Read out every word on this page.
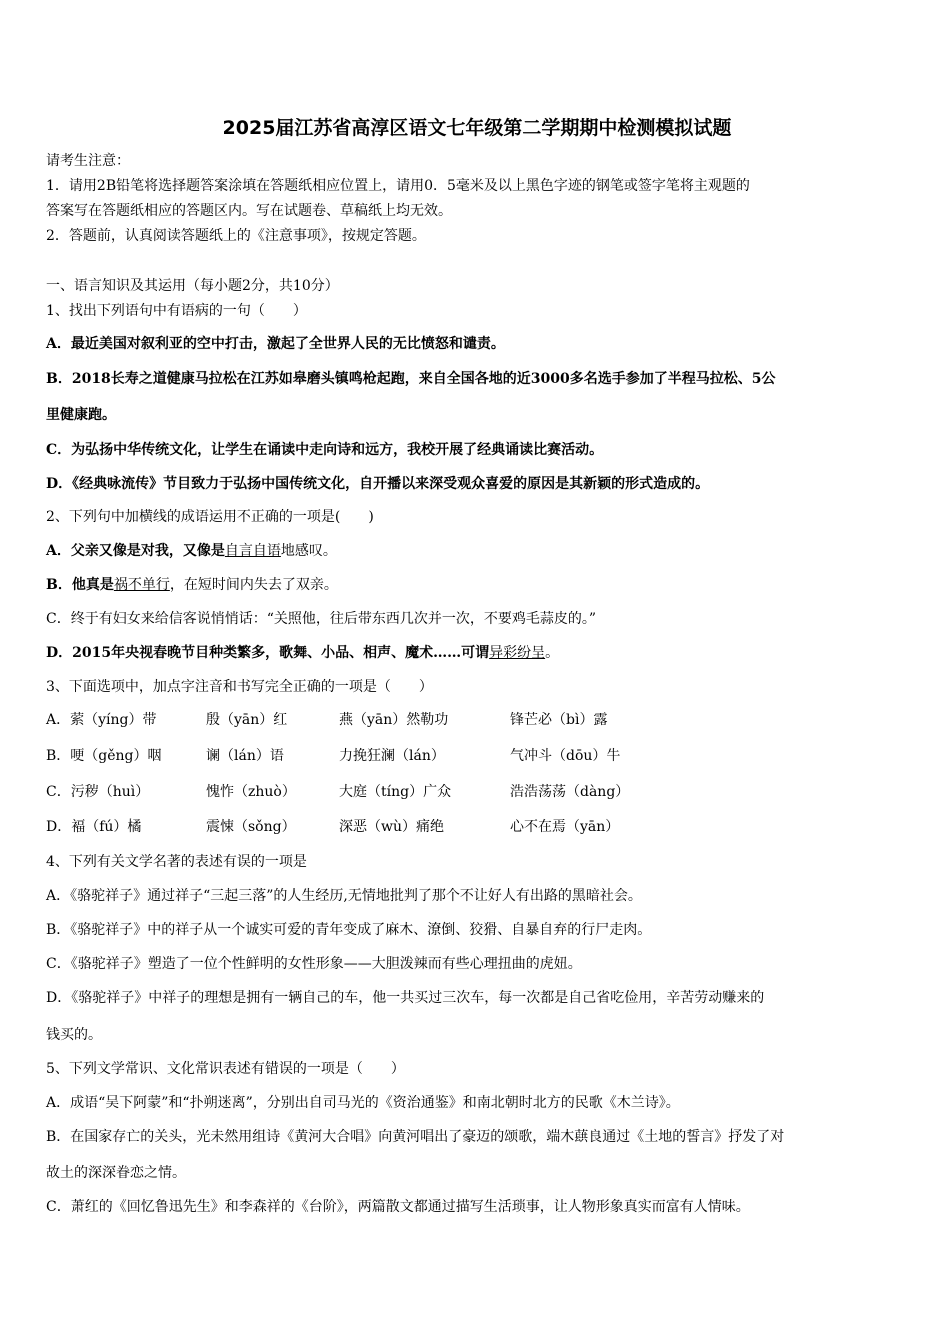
2025届江苏省高淳区语文七年级第二学期期中检测模拟试题
请考生注意：
1．请用2B铅笔将选择题答案涂填在答题纸相应位置上，请用0．5毫米及以上黑色字迹的钢笔或签字笔将主观题的
答案写在答题纸相应的答题区内。写在试题卷、草稿纸上均无效。
2．答题前，认真阅读答题纸上的《注意事项》，按规定答题。
一、语言知识及其运用（每小题2分，共10分）
1、找出下列语句中有语病的一句（　　）
A．最近美国对叙利亚的空中打击，激起了全世界人民的无比愤怒和谴责。
B．2018长寿之道健康马拉松在江苏如皋磨头镇鸣枪起跑，来自全国各地的近3000多名选手参加了半程马拉松、5公
里健康跑。
C．为弘扬中华传统文化，让学生在诵读中走向诗和远方，我校开展了经典诵读比赛活动。
D．《经典咏流传》节目致力于弘扬中国传统文化，自开播以来深受观众喜爱的原因是其新颖的形式造成的。
2、下列句中加横线的成语运用不正确的一项是(　　)
A．父亲又像是对我，又像是自言自语地感叹。
B．他真是祸不单行，在短时间内失去了双亲。
C．终于有妇女来给信客说悄悄话：“关照他，往后带东西几次并一次，不要鸡毛蒜皮的。”
D．2015年央视春晚节目种类繁多，歌舞、小品、相声、魔术……可谓异彩纷呈。
3、下面选项中，加点字注音和书写完全正确的一项是（　　）
A．萦（yíng）带	殷（yān）红	燕（yān）然勒功	锋芒必（bì）露
B．哽（gěng）咽	谰（lán）语	力挽狂澜（lán）	气冲斗（dōu）牛
C．污秽（huì）	愧怍（zhuò）	大庭（tíng）广众	浩浩荡荡（dàng）
D．褔（fú）橘	震悚（sǒng）	深恶（wù）痛绝	心不在焉（yān）
4、下列有关文学名著的表述有误的一项是
A．《骆驼祥子》通过祥子“三起三落”的人生经历,无情地批判了那个不让好人有出路的黑暗社会。
B．《骆驼祥子》中的祥子从一个诚实可爱的青年变成了麻木、潦倒、狡猾、自暴自弃的行尸走肉。
C．《骆驼祥子》塑造了一位个性鲜明的女性形象——大胆泼辣而有些心理扭曲的虎妞。
D．《骆驼祥子》中祥子的理想是拥有一辆自己的车，他一共买过三次车，每一次都是自己省吃俭用，辛苦劳动赚来的
钱买的。
5、下列文学常识、文化常识表述有错误的一项是（　　）
A．成语“吴下阿蒙”和“扑朔迷离”，分别出自司马光的《资治通鉴》和南北朝时北方的民歌《木兰诗》。
B．在国家存亡的关头，光未然用组诗《黄河大合唱》向黄河唱出了豪迈的颂歌，端木蕻良通过《土地的誓言》抒发了对
故土的深深眷恋之情。
C．萧红的《回忆鲁迅先生》和李森祥的《台阶》，两篇散文都通过描写生活琐事，让人物形象真实而富有人情味。
